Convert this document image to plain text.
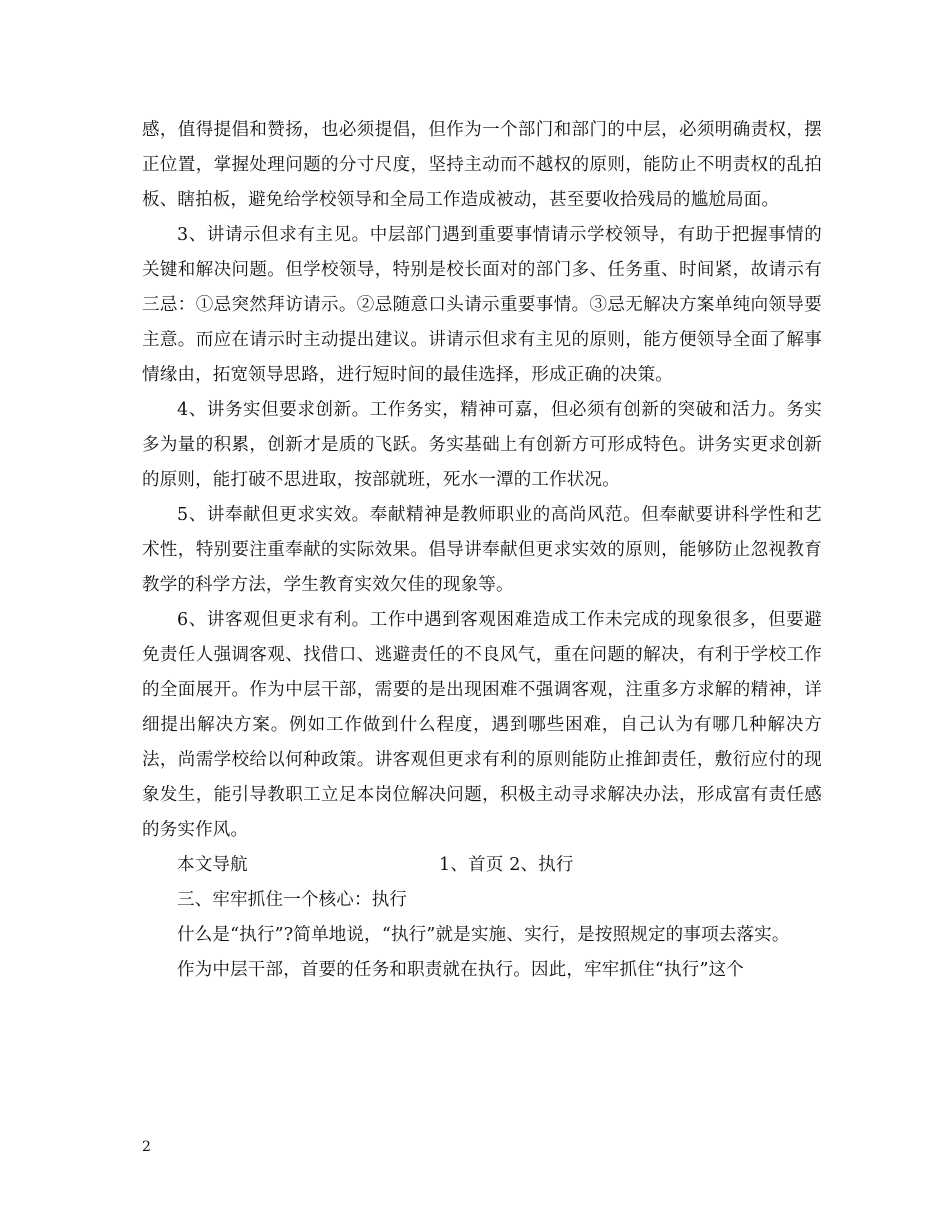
感，值得提倡和赞扬，也必须提倡，但作为一个部门和部门的中层，必须明确责权，摆正位置，掌握处理问题的分寸尺度，坚持主动而不越权的原则，能防止不明责权的乱拍板、瞎拍板，避免给学校领导和全局工作造成被动，甚至要收拾残局的尴尬局面。

3、讲请示但求有主见。中层部门遇到重要事情请示学校领导，有助于把握事情的关键和解决问题。但学校领导，特别是校长面对的部门多、任务重、时间紧，故请示有三忌：①忌突然拜访请示。②忌随意口头请示重要事情。③忌无解决方案单纯向领导要主意。而应在请示时主动提出建议。讲请示但求有主见的原则，能方便领导全面了解事情缘由，拓宽领导思路，进行短时间的最佳选择，形成正确的决策。

4、讲务实但要求创新。工作务实，精神可嘉，但必须有创新的突破和活力。务实多为量的积累，创新才是质的飞跃。务实基础上有创新方可形成特色。讲务实更求创新的原则，能打破不思进取，按部就班，死水一潭的工作状况。

5、讲奉献但更求实效。奉献精神是教师职业的高尚风范。但奉献要讲科学性和艺术性，特别要注重奉献的实际效果。倡导讲奉献但更求实效的原则，能够防止忽视教育教学的科学方法，学生教育实效欠佳的现象等。

6、讲客观但更求有利。工作中遇到客观困难造成工作未完成的现象很多，但要避免责任人强调客观、找借口、逃避责任的不良风气，重在问题的解决，有利于学校工作的全面展开。作为中层干部，需要的是出现困难不强调客观，注重多方求解的精神，详细提出解决方案。例如工作做到什么程度，遇到哪些困难，自己认为有哪几种解决方法，尚需学校给以何种政策。讲客观但更求有利的原则能防止推卸责任，敷衍应付的现象发生，能引导教职工立足本岗位解决问题，积极主动寻求解决办法，形成富有责任感的务实作风。

本文导航	1、首页 2、执行

三、牢牢抓住一个核心：执行

什么是“执行”?简单地说，“执行”就是实施、实行，是按照规定的事项去落实。

作为中层干部，首要的任务和职责就在执行。因此，牢牢抓住“执行”这个

2
